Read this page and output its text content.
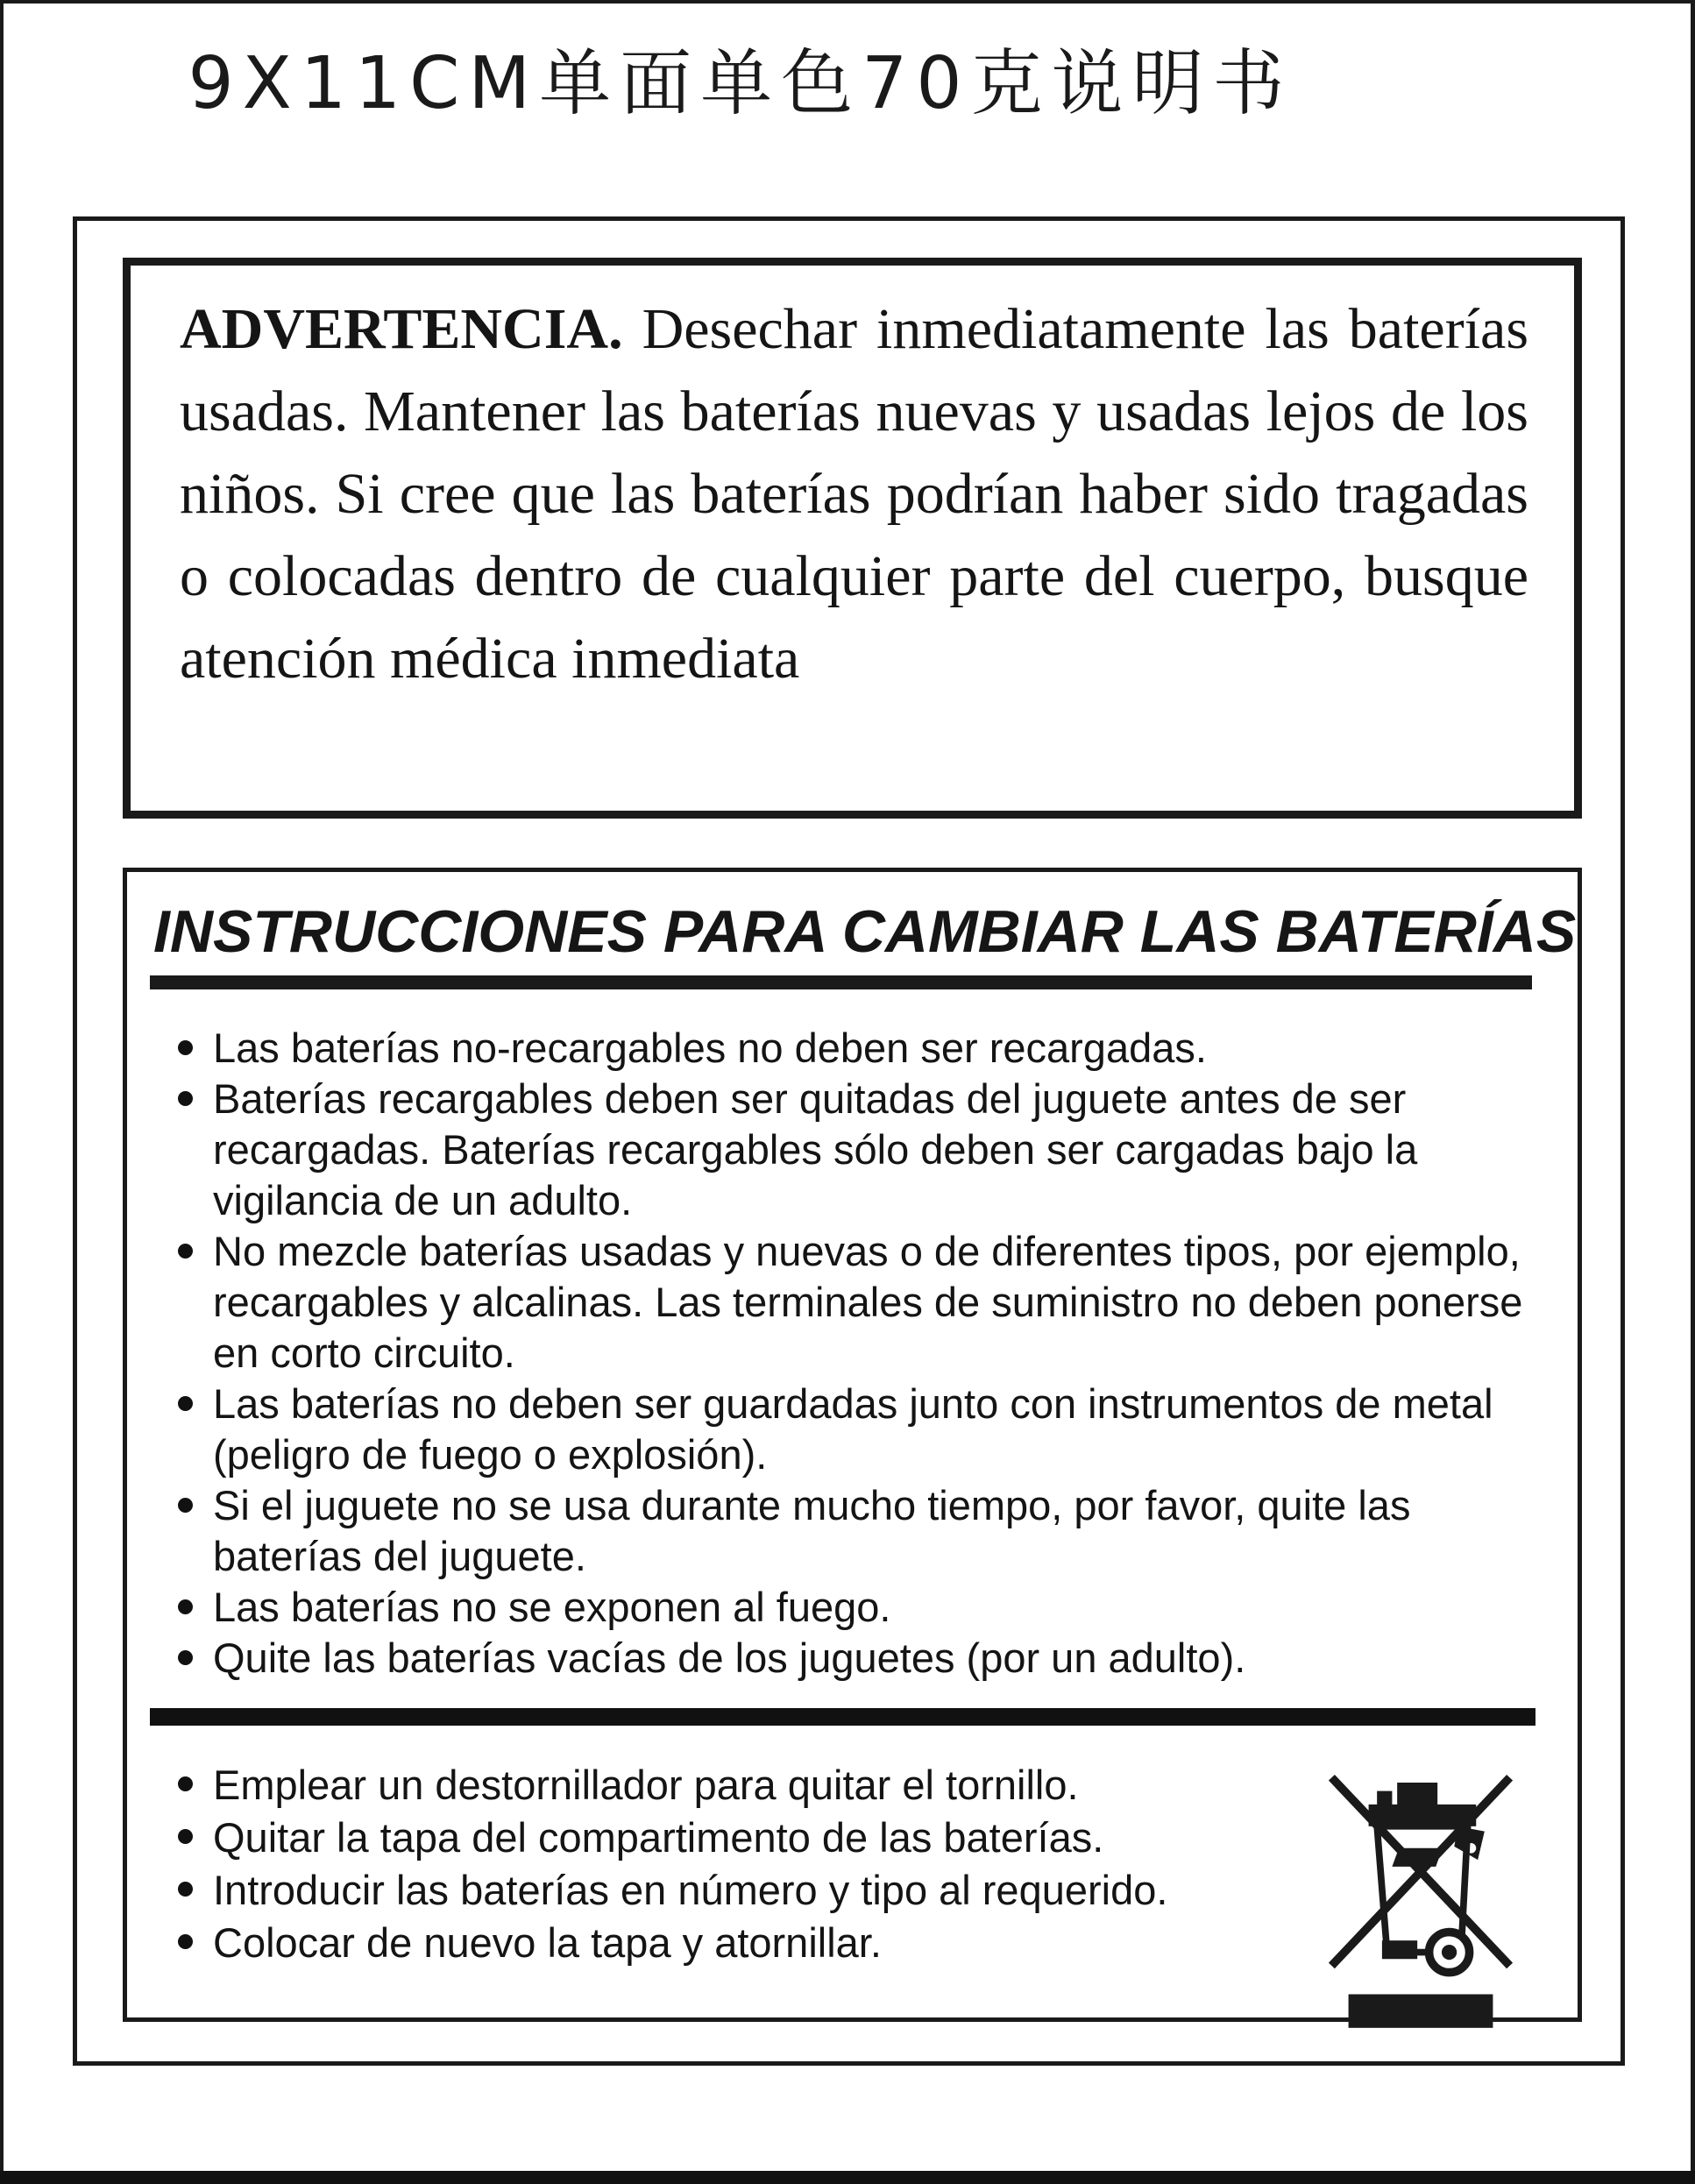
9X11CM单面单色70克说明书
ADVERTENCIA. Desechar inmediatamente las baterías usadas. Mantener las baterías nuevas y usadas lejos de los niños. Si cree que las baterías podrían haber sido tragadas o colocadas dentro de cualquier parte del cuerpo, busque atención médica inmediata
INSTRUCCIONES PARA CAMBIAR LAS BATERÍAS
Las baterías no-recargables no deben ser recargadas.
Baterías recargables deben ser quitadas del juguete antes de ser recargadas. Baterías recargables sólo deben ser cargadas bajo la vigilancia de un adulto.
No mezcle baterías usadas y nuevas o de diferentes tipos, por ejemplo, recargables y alcalinas. Las terminales de suministro no deben ponerse en corto circuito.
Las baterías no deben ser guardadas junto con instrumentos de metal (peligro de fuego o explosión).
Si el juguete no se usa durante mucho tiempo, por favor, quite las baterías del juguete.
Las baterías no se exponen al fuego.
Quite las baterías vacías de los juguetes (por un adulto).
Emplear un destornillador para quitar el tornillo.
Quitar la tapa del compartimento de las baterías.
Introducir las baterías en número y tipo al requerido.
Colocar de nuevo la tapa y atornillar.
